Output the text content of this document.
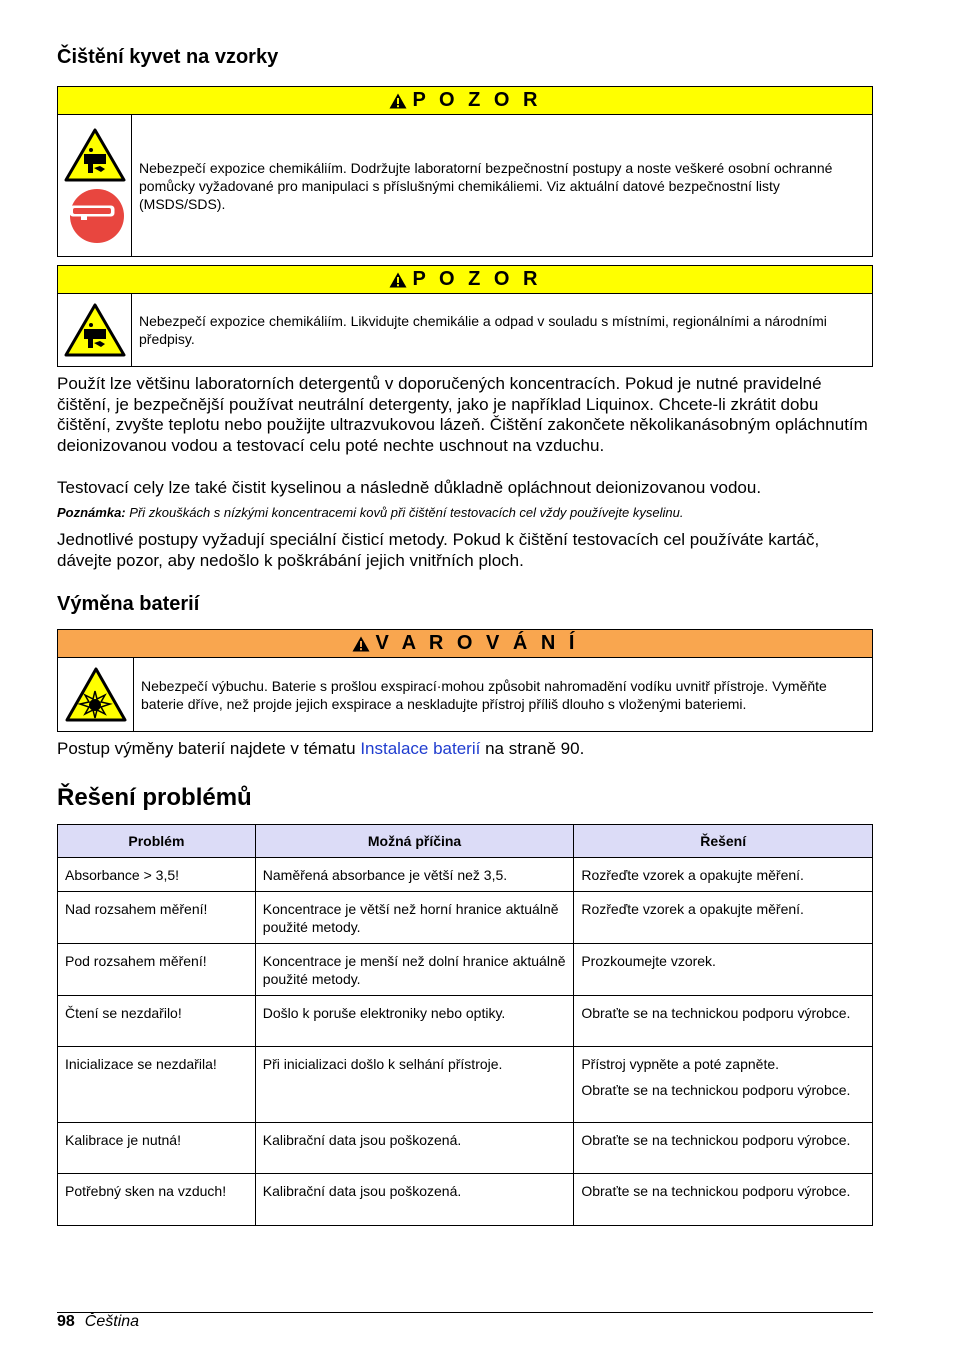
Čištění kyvet na vzorky
P O Z O R
Nebezpečí expozice chemikáliím. Dodržujte laboratorní bezpečnostní postupy a noste veškeré osobní ochranné pomůcky vyžadované pro manipulaci s příslušnými chemikáliemi. Viz aktuální datové bezpečnostní listy (MSDS/SDS).
P O Z O R
Nebezpečí expozice chemikáliím. Likvidujte chemikálie a odpad v souladu s místními, regionálními a národními předpisy.

Použít lze většinu laboratorních detergentů v doporučených koncentracích. Pokud je nutné pravidelné čištění, je bezpečnější používat neutrální detergenty, jako je například Liquinox. Chcete-li zkrátit dobu čištění, zvyšte teplotu nebo použijte ultrazvukovou lázeň. Čištění zakončete několikanásobným opláchnutím deionizovanou vodou a testovací celu poté nechte uschnout na vzduchu.

Testovací cely lze také čistit kyselinou a následně důkladně opláchnout deionizovanou vodou.

Poznámka: Při zkouškách s nízkými koncentracemi kovů při čištění testovacích cel vždy používejte kyselinu.

Jednotlivé postupy vyžadují speciální čisticí metody. Pokud k čištění testovacích cel používáte kartáč, dávejte pozor, aby nedošlo k poškrábání jejich vnitřních ploch.

Výměna baterií
V A R O V Á N Í
Nebezpečí výbuchu. Baterie s prošlou exspirací·mohou způsobit nahromadění vodíku uvnitř přístroje. Vyměňte baterie dříve, než projde jejich exspirace a neskladujte přístroj příliš dlouho s vloženými bateriemi.

Postup výměny baterií najdete v tématu Instalace baterií na straně 90.

Řešení problémů
Problém	Možná příčina	Řešení
Absorbance > 3,5!	Naměřená absorbance je větší než 3,5.	Rozřeďte vzorek a opakujte měření.

Nad rozsahem měření!	Koncentrace je větší než horní hranice aktuálně použité metody.	Rozřeďte vzorek a opakujte měření.

Pod rozsahem měření!	Koncentrace je menší než dolní hranice aktuálně použité metody.	Prozkoumejte vzorek.

Čtení se nezdařilo!	Došlo k poruše elektroniky nebo optiky.	Obraťte se na technickou podporu výrobce.

Inicializace se nezdařila!	Při inicializaci došlo k selhání přístroje.	Přístroj vypněte a poté zapněte.

Obraťte se na technickou podporu výrobce.

Kalibrace je nutná!	Kalibrační data jsou poškozená.	Obraťte se na technickou podporu výrobce.

Potřebný sken na vzduch!	Kalibrační data jsou poškozená.	Obraťte se na technickou podporu výrobce.

98 Čeština
